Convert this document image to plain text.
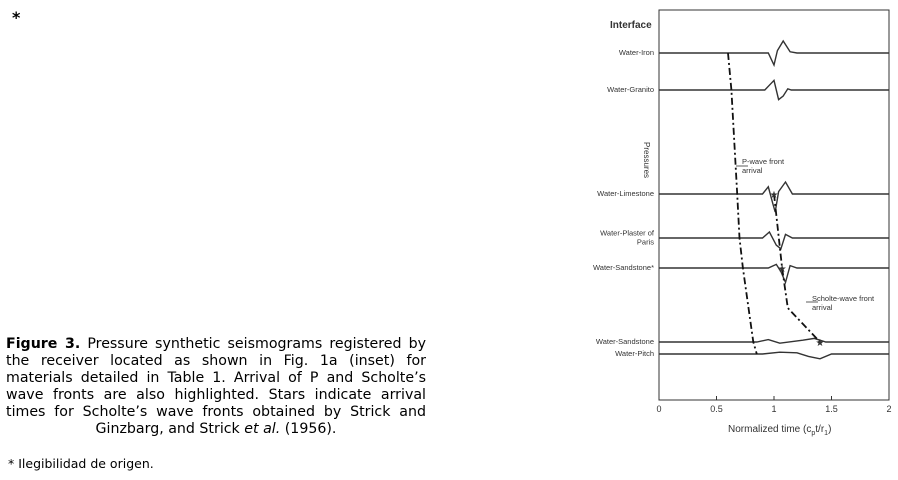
*	Interface
Pressures
Water-Iron
Water-Granito
Water-Limestone
Water-Plaster of
Paris
Water-Sandstone*
Water-Sandstone
Water-Pitch
0	0.5	1	1.5	2
★
★
★
P-wave front
arrival
Scholte-wave front
arrival
Normalized time $(c_pt/r_1)$
Figure 3. Pressure synthetic seismograms registered by the receiver located as shown in Fig. 1a (inset) for materials detailed in Table 1. Arrival of P and Scholte’s wave fronts are also highlighted. Stars indicate arrival times for Scholte’s wave fronts obtained by Strick and Ginzbarg, and Strick et al. (1956).
* Ilegibilidad de origen.
